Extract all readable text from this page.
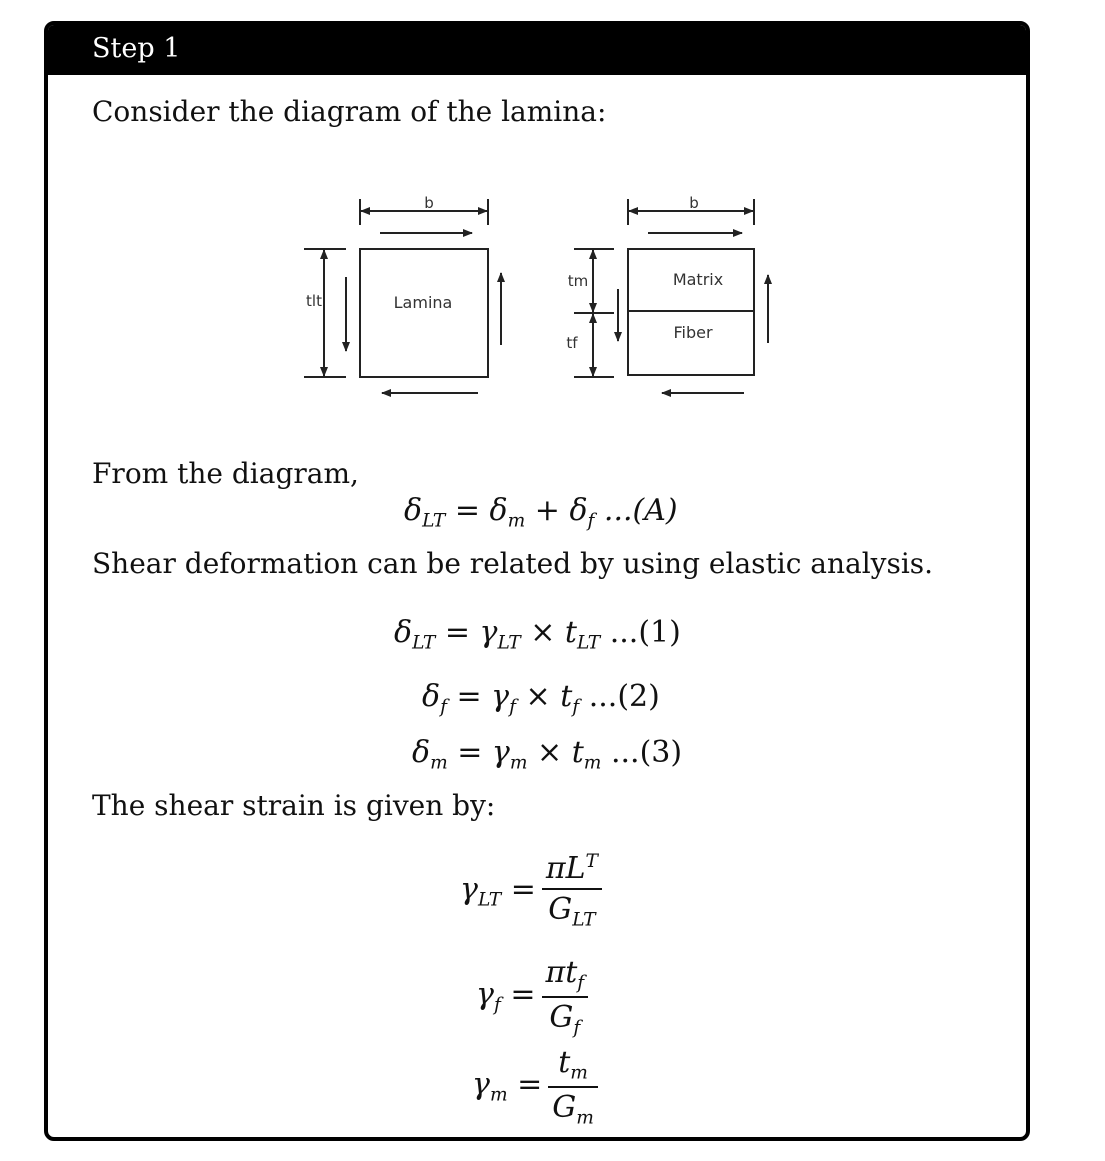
Step 1
Consider the diagram of the lamina:
b
tlt	Lamina
b
tm
tf
Matrix
Fiber
From the diagram,
$\delta_{LT} = \delta_m + \delta_f$ ...(A)
Shear deformation can be related by using elastic analysis.
$\delta_{LT} = \gamma_{LT} \times t_{LT}$ ...(1)
$\delta_f = \gamma_f \times t_f$ ...(2)
$\delta_m = \gamma_m \times t_m$ ...(3)
The shear strain is given by:
$\gamma_{LT} = \frac{\pi L^T}{G_{LT}}$
$\gamma_f = \frac{\pi t_f}{G_f}$
$\gamma_m = \frac{t_m}{G_m}$
